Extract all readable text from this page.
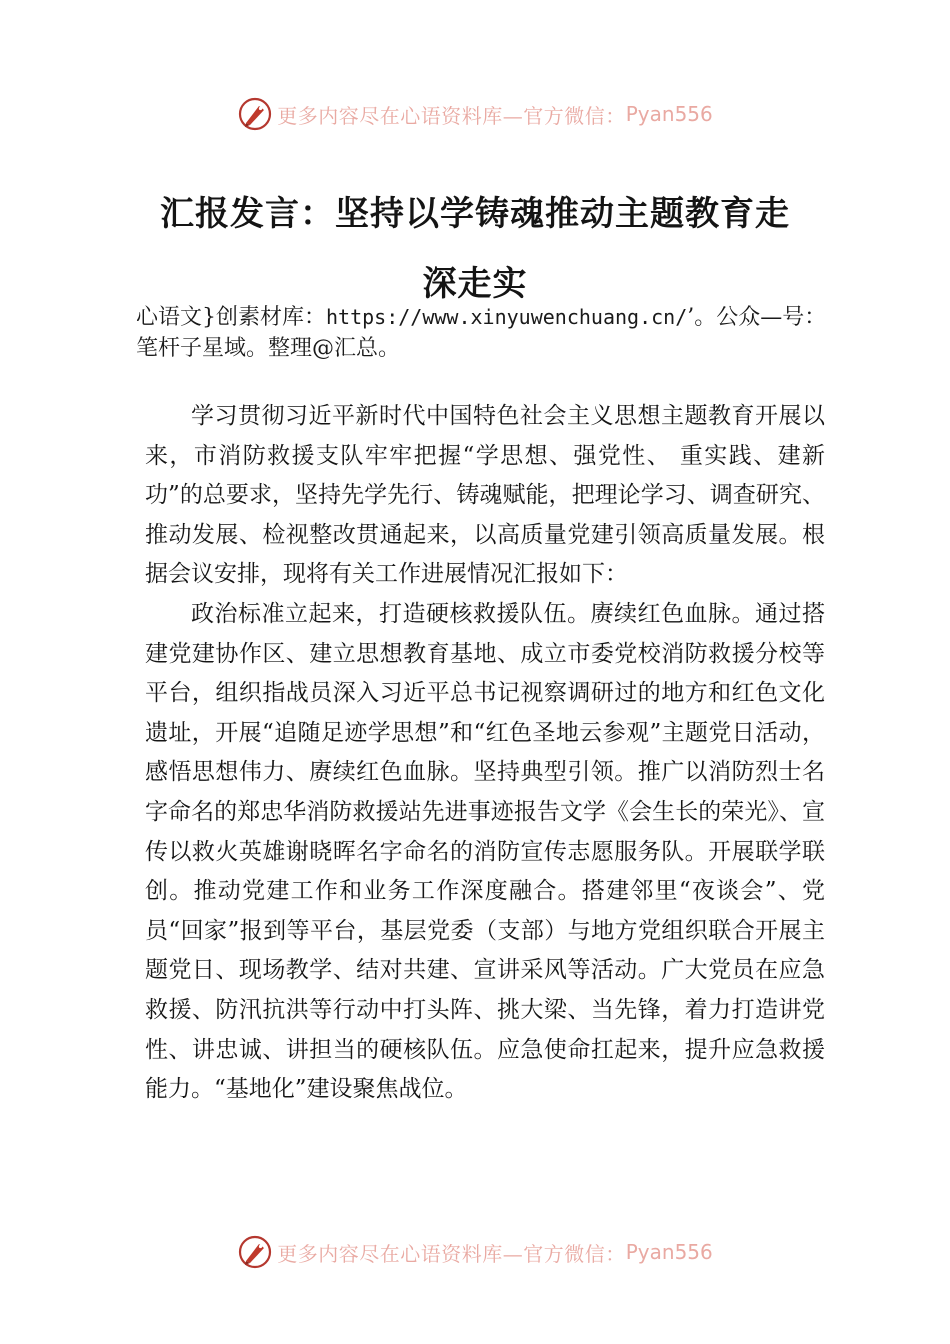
更多内容尽在心语资料库—官方微信： Pyan556
汇报发言：坚持以学铸魂推动主题教育走
深走实

心语文}创素材库：https://www.xinyuwenchuang.cn/’。公众—号：笔杆子星域。整理@汇总。

学习贯彻习近平新时代中国特色社会主义思想主题教育开展以来，市消防救援支队牢牢把握“学思想、强党性、 重实践、建新功”的总要求，坚持先学先行、铸魂赋能，把理论学习、调查研究、推动发展、检视整改贯通起来，以高质量党建引领高质量发展。根据会议安排，现将有关工作进展情况汇报如下：

政治标准立起来，打造硬核救援队伍。赓续红色血脉。通过搭建党建协作区、建立思想教育基地、成立市委党校消防救援分校等平台，组织指战员深入习近平总书记视察调研过的地方和红色文化遗址，开展“追随足迹学思想”和“红色圣地云参观”主题党日活动，感悟思想伟力、赓续红色血脉。坚持典型引领。推广以消防烈士名字命名的郑忠华消防救援站先进事迹报告文学《会生长的荣光》、宣传以救火英雄谢晓晖名字命名的消防宣传志愿服务队。开展联学联创。推动党建工作和业务工作深度融合。搭建邻里“夜谈会”、党员“回家”报到等平台，基层党委（支部）与地方党组织联合开展主题党日、现场教学、结对共建、宣讲采风等活动。广大党员在应急救援、防汛抗洪等行动中打头阵、挑大梁、当先锋，着力打造讲党性、讲忠诚、讲担当的硬核队伍。应急使命扛起来，提升应急救援能力。“基地化”建设聚焦战位。

更多内容尽在心语资料库—官方微信： Pyan556
